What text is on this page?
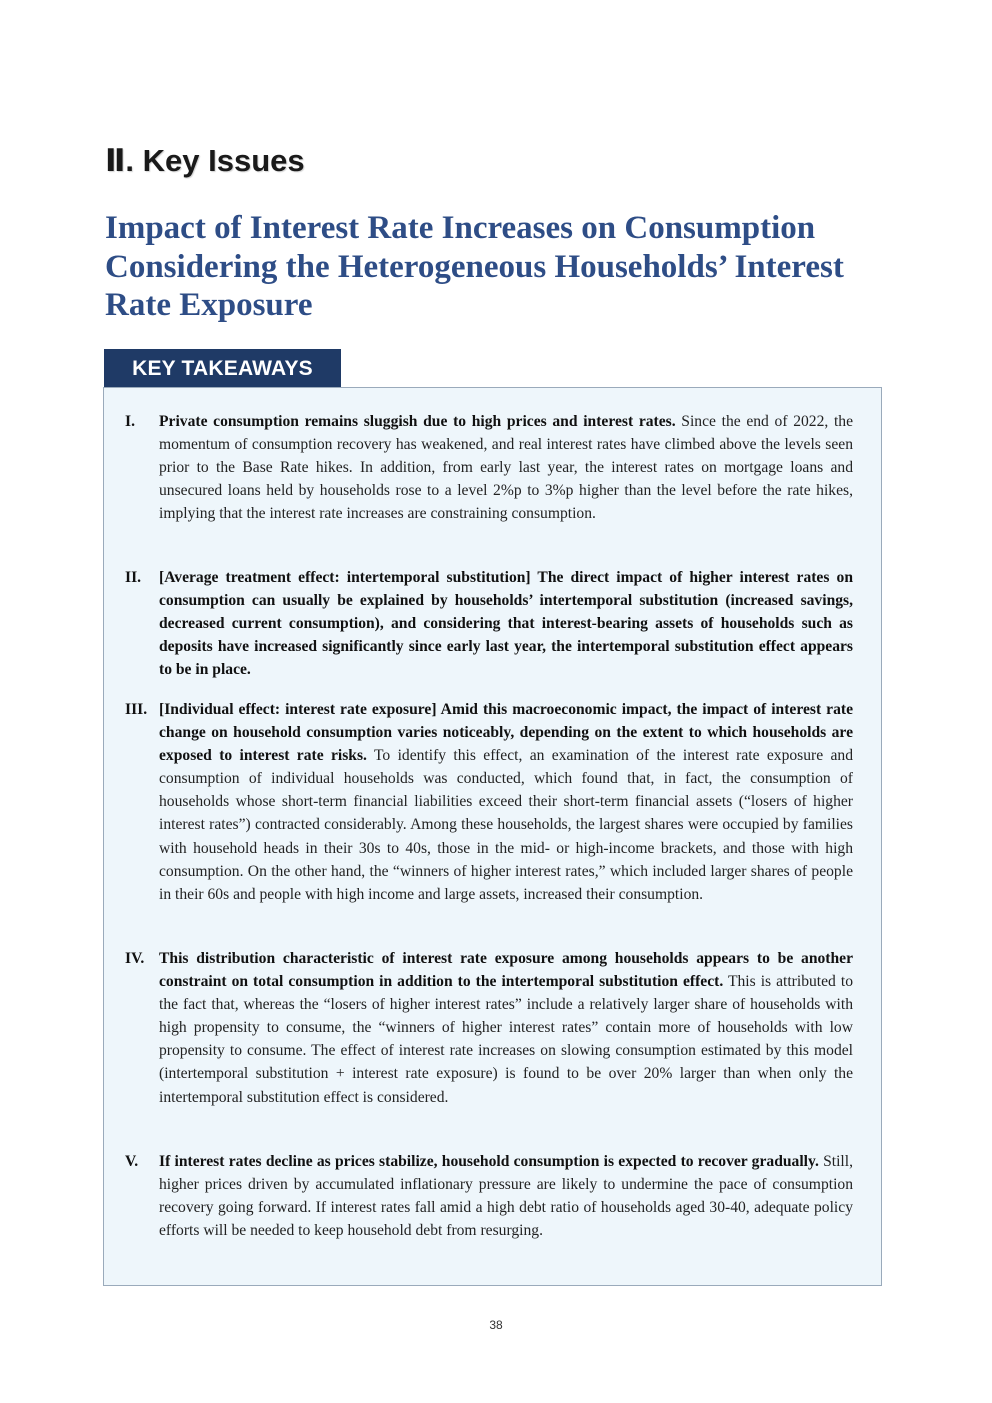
Ⅱ. Key Issues
Impact of Interest Rate Increases on Consumption Considering the Heterogeneous Households’ Interest Rate Exposure
KEY TAKEAWAYS
I. Private consumption remains sluggish due to high prices and interest rates. Since the end of 2022, the momentum of consumption recovery has weakened, and real interest rates have climbed above the levels seen prior to the Base Rate hikes. In addition, from early last year, the interest rates on mortgage loans and unsecured loans held by households rose to a level 2%p to 3%p higher than the level before the rate hikes, implying that the interest rate increases are constraining consumption.

II. [Average treatment effect: intertemporal substitution] The direct impact of higher interest rates on consumption can usually be explained by households’ intertemporal substitution (increased savings, decreased current consumption), and considering that interest-bearing assets of households such as deposits have increased significantly since early last year, the intertemporal substitution effect appears to be in place.

III. [Individual effect: interest rate exposure] Amid this macroeconomic impact, the impact of interest rate change on household consumption varies noticeably, depending on the extent to which households are exposed to interest rate risks. To identify this effect, an examination of the interest rate exposure and consumption of individual households was conducted, which found that, in fact, the consumption of households whose short-term financial liabilities exceed their short-term financial assets (“losers of higher interest rates”) contracted considerably. Among these households, the largest shares were occupied by families with household heads in their 30s to 40s, those in the mid- or high-income brackets, and those with high consumption. On the other hand, the “winners of higher interest rates,” which included larger shares of people in their 60s and people with high income and large assets, increased their consumption.

IV. This distribution characteristic of interest rate exposure among households appears to be another constraint on total consumption in addition to the intertemporal substitution effect. This is attributed to the fact that, whereas the “losers of higher interest rates” include a relatively larger share of households with high propensity to consume, the “winners of higher interest rates” contain more of households with low propensity to consume. The effect of interest rate increases on slowing consumption estimated by this model (intertemporal substitution + interest rate exposure) is found to be over 20% larger than when only the intertemporal substitution effect is considered.

V. If interest rates decline as prices stabilize, household consumption is expected to recover gradually. Still, higher prices driven by accumulated inflationary pressure are likely to undermine the pace of consumption recovery going forward. If interest rates fall amid a high debt ratio of households aged 30-40, adequate policy efforts will be needed to keep household debt from resurging.

38
